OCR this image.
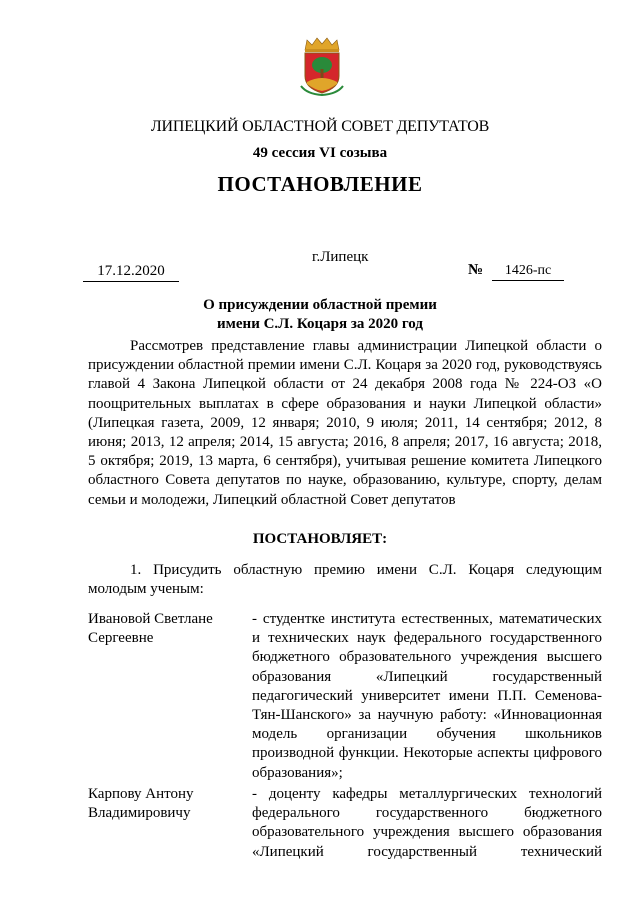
ЛИПЕЦКИЙ ОБЛАСТНОЙ СОВЕТ ДЕПУТАТОВ
49 сессия VI созыва
ПОСТАНОВЛЕНИЕ
г.Липецк
17.12.2020	№	1426-пс
О присуждении областной премии
имени С.Л. Коцаря за 2020 год
Рассмотрев представление главы администрации Липецкой области о присуждении областной премии имени С.Л. Коцаря за 2020 год, руководствуясь главой 4 Закона Липецкой области от 24 декабря 2008 года № 224-ОЗ «О поощрительных выплатах в сфере образования и науки Липецкой области» (Липецкая газета, 2009, 12 января; 2010, 9 июля; 2011, 14 сентября; 2012, 8 июня; 2013, 12 апреля; 2014, 15 августа; 2016, 8 апреля; 2017, 16 августа; 2018, 5 октября; 2019, 13 марта, 6 сентября), учитывая решение комитета Липецкого областного Совета депутатов по науке, образованию, культуре, спорту, делам семьи и молодежи, Липецкий областной Совет депутатов
ПОСТАНОВЛЯЕТ:
1. Присудить областную премию имени С.Л. Коцаря следующим молодым ученым:
Ивановой Светлане
Сергеевне
- студентке института естественных, математических и технических наук федерального государственного бюджетного образовательного учреждения высшего образования «Липецкий государственный педагогический университет имени П.П. Семенова-Тян-Шанского» за научную работу: «Инновационная модель организации обучения школьников производной функции. Некоторые аспекты цифрового образования»;
Карпову Антону
Владимировичу
- доценту кафедры металлургических технологий федерального государственного бюджетного образовательного учреждения высшего образования «Липецкий государственный технический
